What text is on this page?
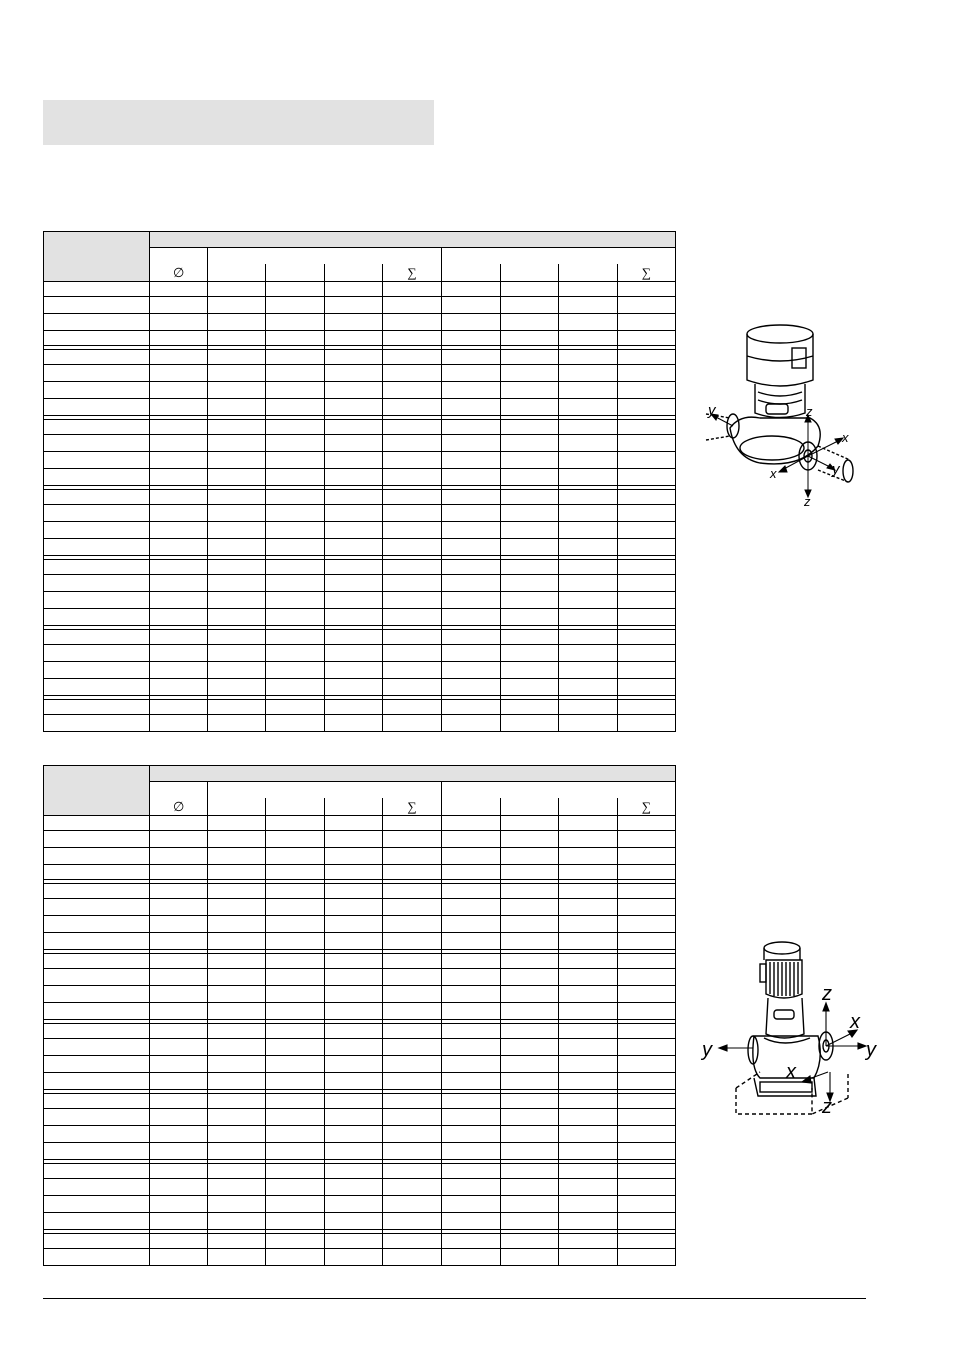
	∅								
					∑				∑

	∅								
					∑				∑

y	z
x
x	y
z
z
x
y
y
x
z
